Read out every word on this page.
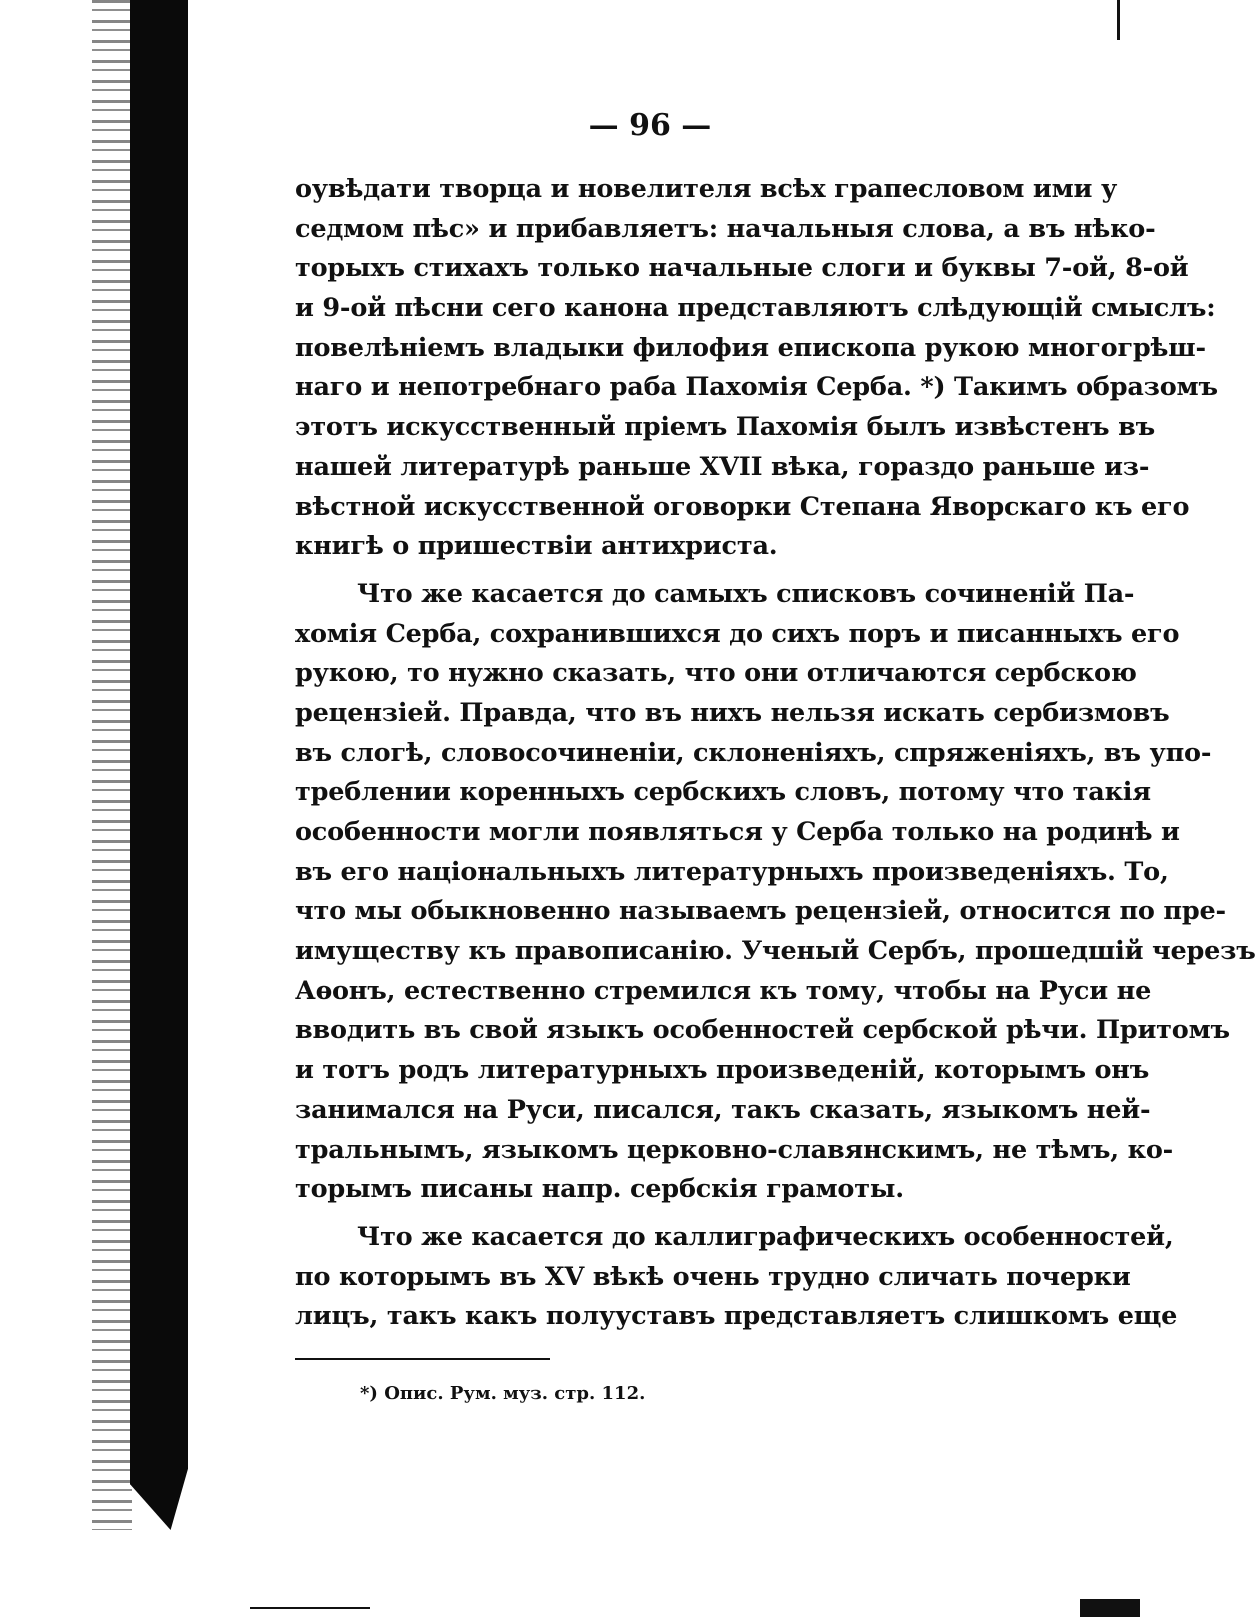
— 96 —
оувѣдати творца и новелителя всѣх грапесловом ими у
седмом пѣс» и прибавляетъ: начальныя слова, а въ нѣко-
торыхъ стихахъ только начальные слоги и буквы 7-ой, 8-ой
и 9-ой пѣсни сего канона представляютъ слѣдующій смыслъ:
повелѣніемъ владыки филофия епископа рукою многогрѣш-
наго и непотребнаго раба Пахомія Серба. *) Такимъ образомъ
этотъ искусственный пріемъ Пахомія былъ извѣстенъ въ
нашей литературѣ раньше XVII вѣка, гораздо раньше из-
вѣстной искусственной оговорки Степана Яворскаго къ его
книгѣ о пришествіи антихриста.
Что же касается до самыхъ списковъ сочиненій Па-
хомія Серба, сохранившихся до сихъ поръ и писанныхъ его
рукою, то нужно сказать, что они отличаются сербскою
рецензіей. Правда, что въ нихъ нельзя искать сербизмовъ
въ слогѣ, словосочиненіи, склоненіяхъ, спряженіяхъ, въ упо-
треблении коренныхъ сербскихъ словъ, потому что такія
особенности могли появляться у Серба только на родинѣ и
въ его національныхъ литературныхъ произведеніяхъ. То,
что мы обыкновенно называемъ рецензіей, относится по пре-
имуществу къ правописанію. Ученый Сербъ, прошедшій черезъ
Аѳонъ, естественно стремился къ тому, чтобы на Руси не
вводить въ свой языкъ особенностей сербской рѣчи. Притомъ
и тотъ родъ литературныхъ произведеній, которымъ онъ
занимался на Руси, писался, такъ сказать, языкомъ ней-
тральнымъ, языкомъ церковно-славянскимъ, не тѣмъ, ко-
торымъ писаны напр. сербскія грамоты.
Что же касается до каллиграфическихъ особенностей,
по которымъ въ XV вѣкѣ очень трудно сличать почерки
лицъ, такъ какъ полууставъ представляетъ слишкомъ еще
*) Опис. Рум. муз. стр. 112.
